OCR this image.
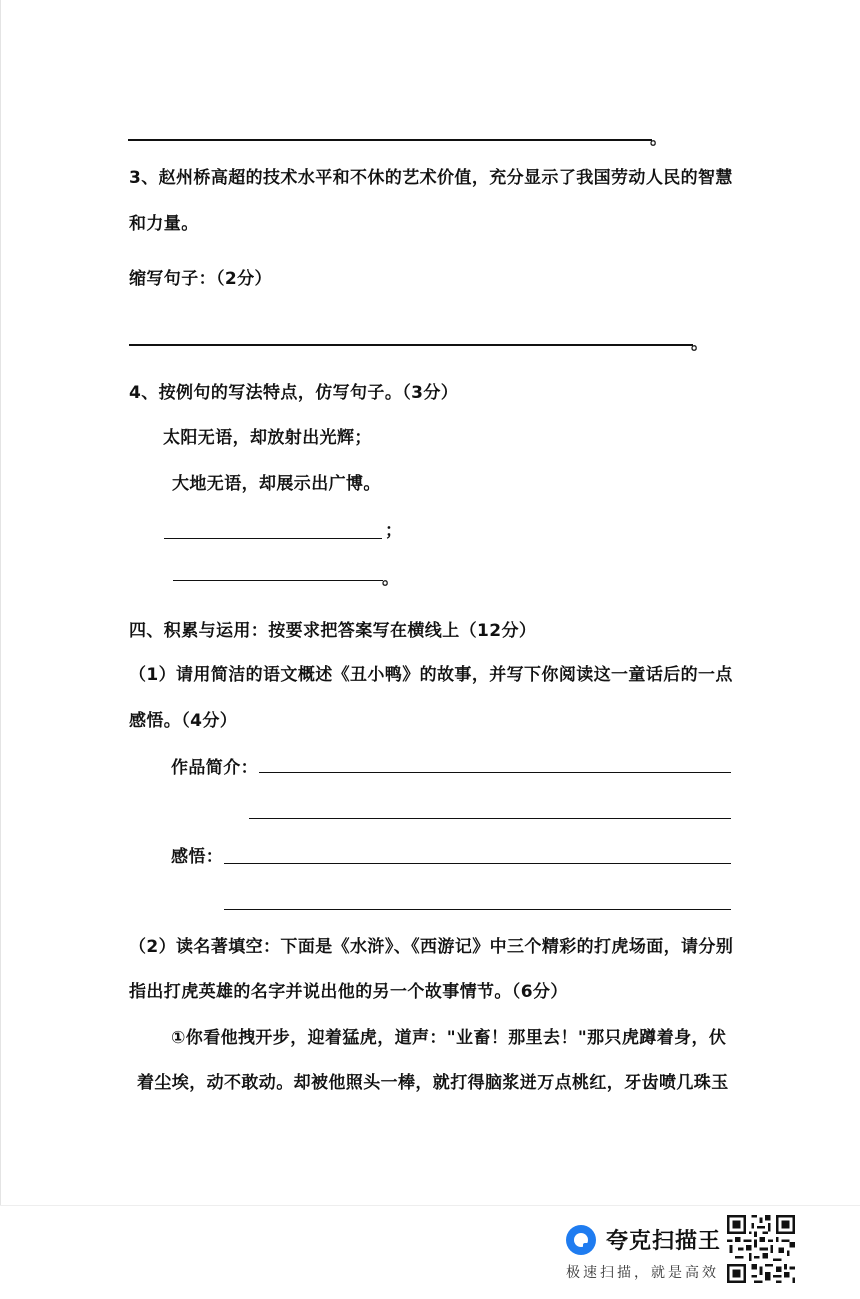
。
3、赵州桥高超的技术水平和不休的艺术价值，充分显示了我国劳动人民的智慧
和力量。
缩写句子：（2分）
。
4、按例句的写法特点，仿写句子。（3分）
太阳无语，却放射出光辉；
大地无语，却展示出广博。
；
。
四、积累与运用：按要求把答案写在横线上（12分）
（1）请用简洁的语文概述《丑小鸭》的故事，并写下你阅读这一童话后的一点
感悟。（4分）
作品简介：
感悟：
（2）读名著填空：下面是《水浒》、《西游记》中三个精彩的打虎场面，请分别
指出打虎英雄的名字并说出他的另一个故事情节。（6分）
①你看他拽开步，迎着猛虎，道声："业畜！那里去！"那只虎蹲着身，伏
着尘埃，动不敢动。却被他照头一棒，就打得脑浆迸万点桃红，牙齿喷几珠玉
夸克扫描王
极速扫描，就是高效
